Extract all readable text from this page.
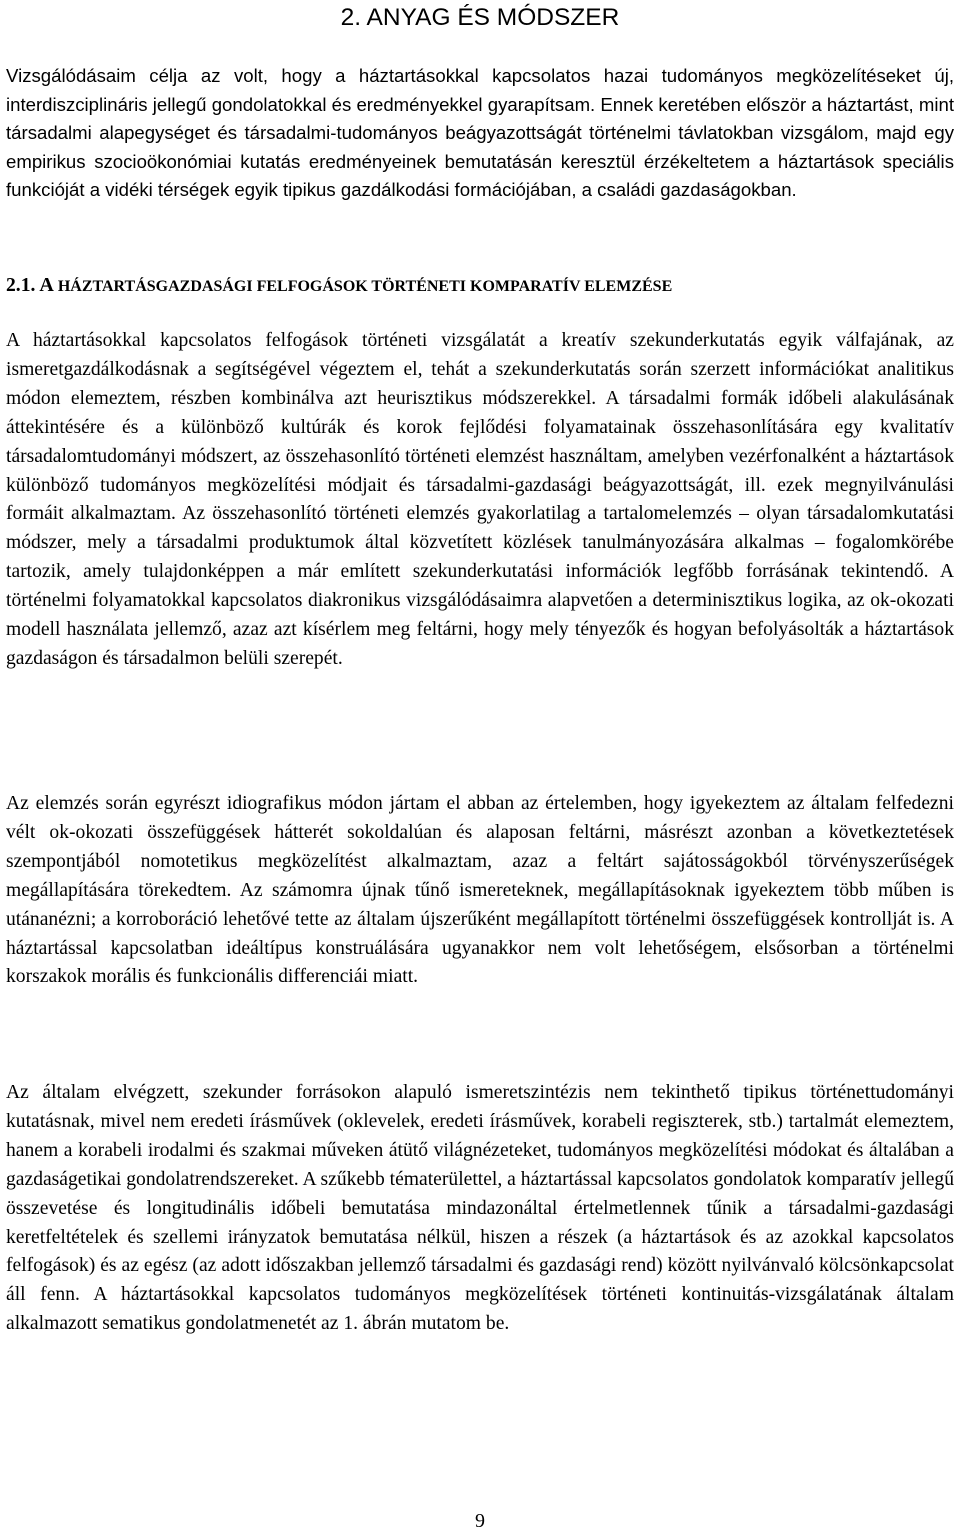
2. ANYAG ÉS MÓDSZER

Vizsgálódásaim célja az volt, hogy a háztartásokkal kapcsolatos hazai tudományos megközelítéseket új, interdiszciplináris jellegű gondolatokkal és eredményekkel gyarapítsam. Ennek keretében először a háztartást, mint társadalmi alapegységet és társadalmi-tudományos beágyazottságát történelmi távlatokban vizsgálom, majd egy empirikus szocioökonómiai kutatás eredményeinek bemutatásán keresztül érzékeltetem a háztartások speciális funkcióját a vidéki térségek egyik tipikus gazdálkodási formációjában, a családi gazdaságokban.

2.1. A HÁZTARTÁSGAZDASÁGI FELFOGÁSOK TÖRTÉNETI KOMPARATÍV ELEMZÉSE

A háztartásokkal kapcsolatos felfogások történeti vizsgálatát a kreatív szekunderkutatás egyik válfajának, az ismeretgazdálkodásnak a segítségével végeztem el, tehát a szekunderkutatás során szerzett információkat analitikus módon elemeztem, részben kombinálva azt heurisztikus módszerekkel. A társadalmi formák időbeli alakulásának áttekintésére és a különböző kultúrák és korok fejlődési folyamatainak összehasonlítására egy kvalitatív társadalomtudományi módszert, az összehasonlító történeti elemzést használtam, amelyben vezérfonalként a háztartások különböző tudományos megközelítési módjait és társadalmi-gazdasági beágyazottságát, ill. ezek megnyilvánulási formáit alkalmaztam. Az összehasonlító történeti elemzés gyakorlatilag a tartalomelemzés – olyan társadalomkutatási módszer, mely a társadalmi produktumok által közvetített közlések tanulmányozására alkalmas – fogalomkörébe tartozik, amely tulajdonképpen a már említett szekunderkutatási információk legfőbb forrásának tekintendő. A történelmi folyamatokkal kapcsolatos diakronikus vizsgálódásaimra alapvetően a determinisztikus logika, az ok-okozati modell használata jellemző, azaz azt kísérlem meg feltárni, hogy mely tényezők és hogyan befolyásolták a háztartások gazdaságon és társadalmon belüli szerepét.

Az elemzés során egyrészt idiografikus módon jártam el abban az értelemben, hogy igyekeztem az általam felfedezni vélt ok-okozati összefüggések hátterét sokoldalúan és alaposan feltárni, másrészt azonban a következtetések szempontjából nomotetikus megközelítést alkalmaztam, azaz a feltárt sajátosságokból törvényszerűségek megállapítására törekedtem. Az számomra újnak tűnő ismereteknek, megállapításoknak igyekeztem több műben is utánanézni; a korroboráció lehetővé tette az általam újszerűként megállapított történelmi összefüggések kontrollját is. A háztartással kapcsolatban ideáltípus konstruálására ugyanakkor nem volt lehetőségem, elsősorban a történelmi korszakok morális és funkcionális differenciái miatt.

Az általam elvégzett, szekunder forrásokon alapuló ismeretszintézis nem tekinthető tipikus történettudományi kutatásnak, mivel nem eredeti írásművek (oklevelek, eredeti írásművek, korabeli regiszterek, stb.) tartalmát elemeztem, hanem a korabeli irodalmi és szakmai műveken átütő világnézeteket, tudományos megközelítési módokat és általában a gazdaságetikai gondolatrendszereket. A szűkebb tématerülettel, a háztartással kapcsolatos gondolatok komparatív jellegű összevetése és longitudinális időbeli bemutatása mindazonáltal értelmetlennek tűnik a társadalmi-gazdasági keretfeltételek és szellemi irányzatok bemutatása nélkül, hiszen a részek (a háztartások és az azokkal kapcsolatos felfogások) és az egész (az adott időszakban jellemző társadalmi és gazdasági rend) között nyilvánvaló kölcsönkapcsolat áll fenn. A háztartásokkal kapcsolatos tudományos megközelítések történeti kontinuitás-vizsgálatának általam alkalmazott sematikus gondolatmenetét az 1. ábrán mutatom be.

9
